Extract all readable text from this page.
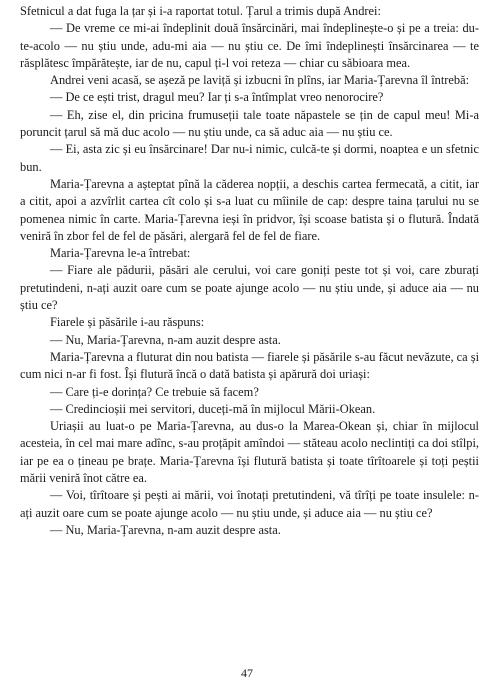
Sfetnicul a dat fuga la țar și i-a raportat totul. Țarul a trimis după Andrei:

— De vreme ce mi-ai îndeplinit două însărcinări, mai îndeplinește-o și pe a treia: du-te-acolo — nu știu unde, adu-mi aia — nu știu ce. De îmi îndeplinești însărcinarea — te răsplătesc împărătește, iar de nu, capul ți-l voi reteza — chiar cu săbioara mea.

Andrei veni acasă, se așeză pe laviță și izbucni în plîns, iar Maria-Țarevna îl întrebă:

— De ce ești trist, dragul meu? Iar ți s-a întîmplat vreo nenorocire?

— Eh, zise el, din pricina frumuseții tale toate năpastele se țin de capul meu! Mi-a poruncit țarul să mă duc acolo — nu știu unde, ca să aduc aia — nu știu ce.

— Ei, asta zic și eu însărcinare! Dar nu-i nimic, culcă-te și dormi, noaptea e un sfetnic bun.

Maria-Țarevna a așteptat pînă la căderea nopții, a deschis cartea fermecată, a citit, iar a citit, apoi a azvîrlit cartea cît colo și s-a luat cu mîinile de cap: despre taina țarului nu se pomenea nimic în carte. Maria-Țarevna ieși în pridvor, își scoase batista și o flutură. Îndată veniră în zbor fel de fel de păsări, alergară fel de fel de fiare.

Maria-Țarevna le-a întrebat:

— Fiare ale pădurii, păsări ale cerului, voi care goniți peste tot și voi, care zburați pretutindeni, n-ați auzit oare cum se poate ajunge acolo — nu știu unde, și aduce aia — nu știu ce?

Fiarele și păsările i-au răspuns:

— Nu, Maria-Țarevna, n-am auzit despre asta.

Maria-Țarevna a fluturat din nou batista — fiarele și păsările s-au făcut nevăzute, ca și cum nici n-ar fi fost. Își flutură încă o dată batista și apărură doi uriași:

— Care ți-e dorința? Ce trebuie să facem?

— Credincioșii mei servitori, duceți-mă în mijlocul Mării-Okean.

Uriașii au luat-o pe Maria-Țarevna, au dus-o la Marea-Okean și, chiar în mijlocul acesteia, în cel mai mare adînc, s-au proțăpit amîndoi — stăteau acolo neclintiți ca doi stîlpi, iar pe ea o țineau pe brațe. Maria-Țarevna își flutură batista și toate tîrîtoarele și toți peștii mării veniră înot către ea.

— Voi, tîrîtoare și pești ai mării, voi înotați pretutindeni, vă tîrîți pe toate insulele: n-ați auzit oare cum se poate ajunge acolo — nu știu unde, și aduce aia — nu știu ce?

— Nu, Maria-Țarevna, n-am auzit despre asta.

47
